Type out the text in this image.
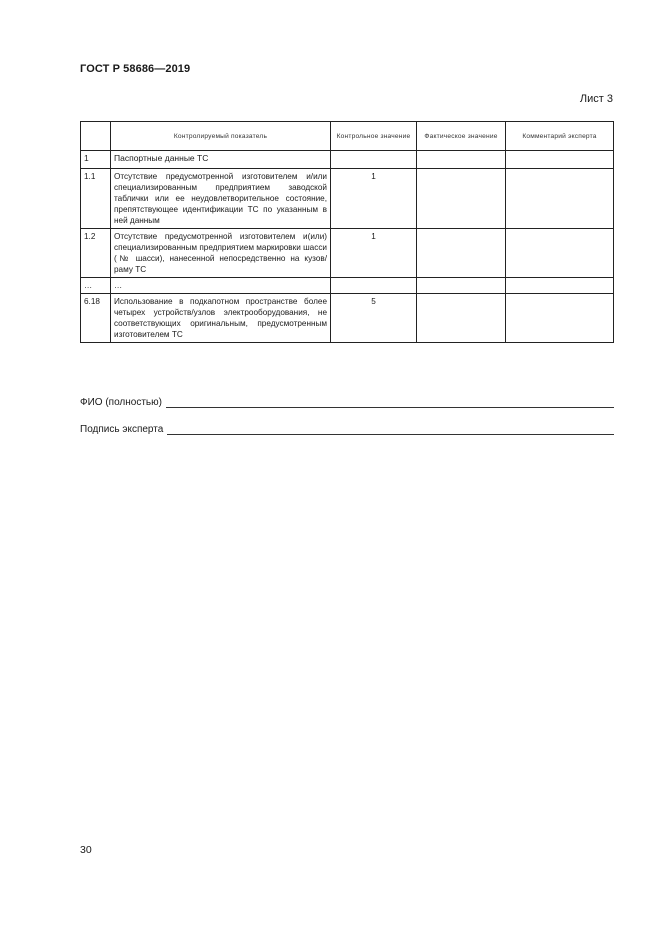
ГОСТ Р 58686—2019
Лист 3
	Контролируемый показатель	Контрольное значение	Фактическое значение	Комментарий эксперта
1	Паспортные данные ТС			
1.1	Отсутствие предусмотренной изготовителем и/или специализированным предприятием заводской таблички или ее неудовлетворительное состояние, препятствующее идентификации ТС по указанным в ней данным	1		
1.2	Отсутствие предусмотренной изготовителем и(или) специализированным предприятием маркировки шасси (№ шасси), нанесенной непосредственно на кузов/раму ТС	1		
…	…			
6.18	Использование в подкапотном пространстве более четырех устройств/узлов электрооборудования, не соответствующих оригинальным, предусмотренным изготовителем ТС	5		
ФИО (полностью)
Подпись эксперта
30
